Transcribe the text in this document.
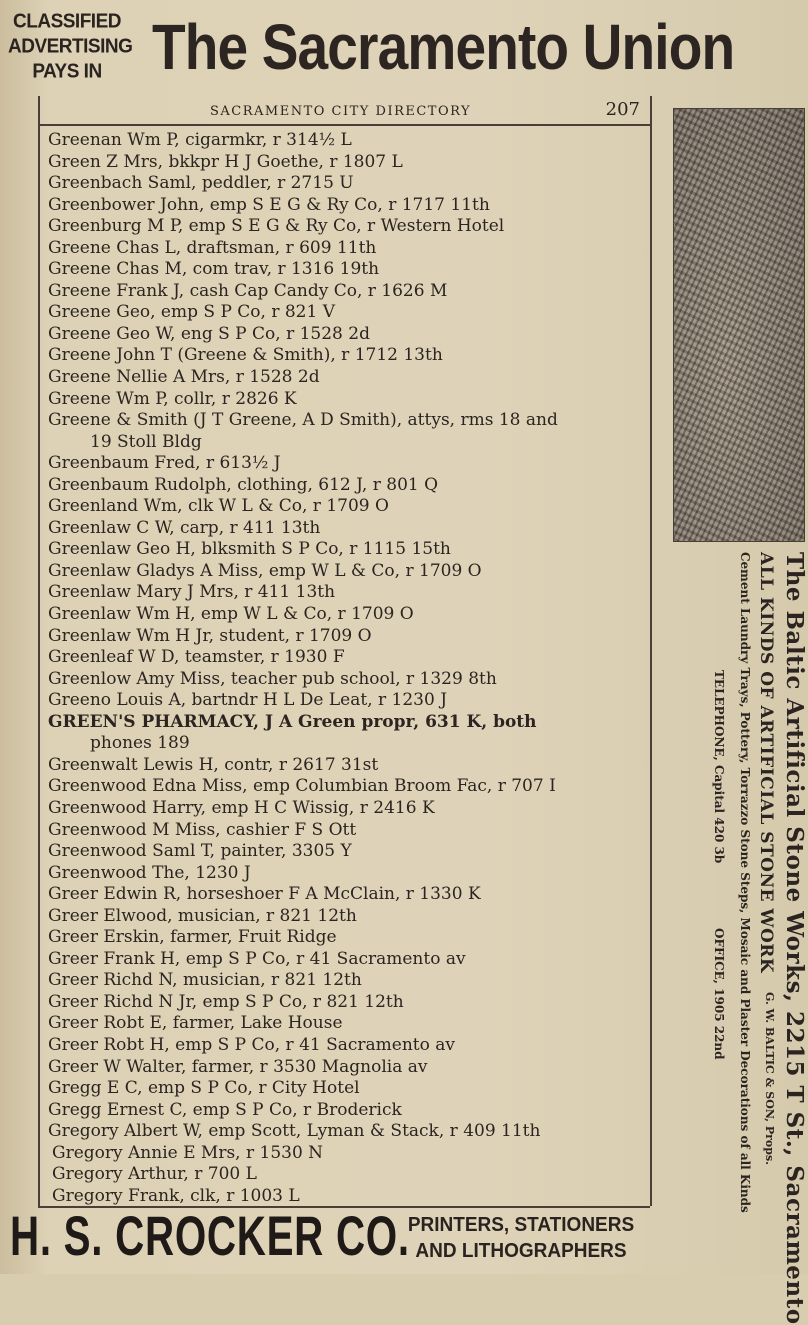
CLASSIFIED
ADVERTISING
PAYS IN The Sacramento Union
SACRAMENTO CITY DIRECTORY	207
Greenan Wm P, cigarmkr, r 314½ L
Green Z Mrs, bkkpr H J Goethe, r 1807 L
Greenbach Saml, peddler, r 2715 U
Greenbower John, emp S E G & Ry Co, r 1717 11th
Greenburg M P, emp S E G & Ry Co, r Western Hotel
Greene Chas L, draftsman, r 609 11th
Greene Chas M, com trav, r 1316 19th
Greene Frank J, cash Cap Candy Co, r 1626 M
Greene Geo, emp S P Co, r 821 V
Greene Geo W, eng S P Co, r 1528 2d
Greene John T (Greene & Smith), r 1712 13th
Greene Nellie A Mrs, r 1528 2d
Greene Wm P, collr, r 2826 K
Greene & Smith (J T Greene, A D Smith), attys, rms 18 and
19 Stoll Bldg
Greenbaum Fred, r 613½ J
Greenbaum Rudolph, clothing, 612 J, r 801 Q
Greenland Wm, clk W L & Co, r 1709 O
Greenlaw C W, carp, r 411 13th
Greenlaw Geo H, blksmith S P Co, r 1115 15th
Greenlaw Gladys A Miss, emp W L & Co, r 1709 O
Greenlaw Mary J Mrs, r 411 13th
Greenlaw Wm H, emp W L & Co, r 1709 O
Greenlaw Wm H Jr, student, r 1709 O
Greenleaf W D, teamster, r 1930 F
Greenlow Amy Miss, teacher pub school, r 1329 8th
Greeno Louis A, bartndr H L De Leat, r 1230 J
GREEN'S PHARMACY, J A Green propr, 631 K, both
phones 189
Greenwalt Lewis H, contr, r 2617 31st
Greenwood Edna Miss, emp Columbian Broom Fac, r 707 I
Greenwood Harry, emp H C Wissig, r 2416 K
Greenwood M Miss, cashier F S Ott
Greenwood Saml T, painter, 3305 Y
Greenwood The, 1230 J
Greer Edwin R, horseshoer F A McClain, r 1330 K
Greer Elwood, musician, r 821 12th
Greer Erskin, farmer, Fruit Ridge
Greer Frank H, emp S P Co, r 41 Sacramento av
Greer Richd N, musician, r 821 12th
Greer Richd N Jr, emp S P Co, r 821 12th
Greer Robt E, farmer, Lake House
Greer Robt H, emp S P Co, r 41 Sacramento av
Greer W Walter, farmer, r 3530 Magnolia av
Gregg E C, emp S P Co, r City Hotel
Gregg Ernest C, emp S P Co, r Broderick
Gregory Albert W, emp Scott, Lyman & Stack, r 409 11th
Gregory Annie E Mrs, r 1530 N
Gregory Arthur, r 700 L
Gregory Frank, clk, r 1003 L	The Baltic Artificial Stone Works, 2215 T St., Sacramento
ALL KINDS OF ARTIFICIAL STONE WORK
G. W. BALTIC & SON, Props.
Cement Laundry Trays, Pottery, Torrazzo Stone Steps, Mosaic and Plaster Decorations of all Kinds
TELEPHONE, Capital 420 3b
OFFICE, 1905 22nd
H. S. CROCKER CO.
PRINTERS, STATIONERS
AND LITHOGRAPHERS
